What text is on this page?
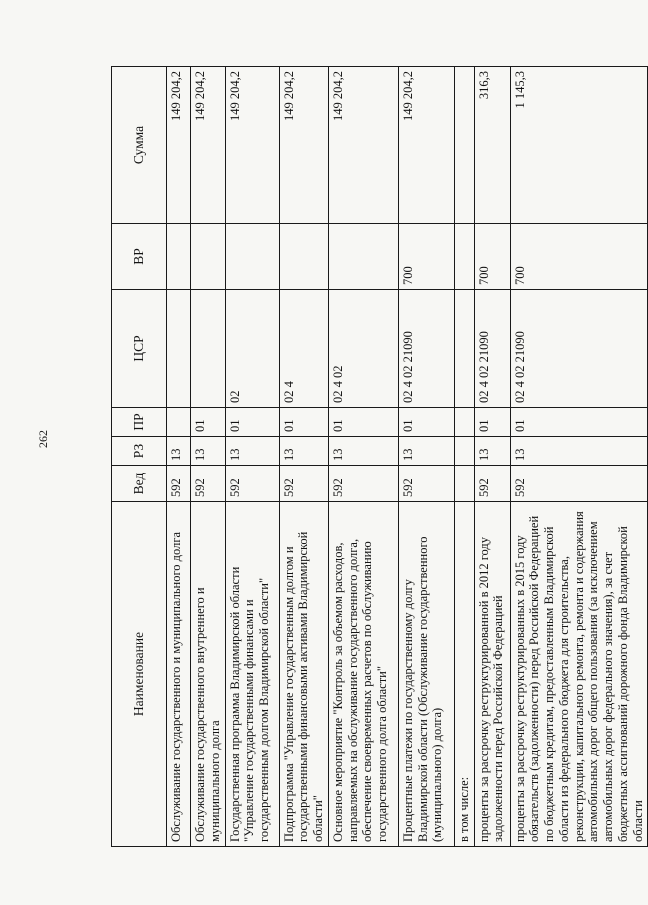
262
Наименование	Вед	РЗ	ПР	ЦСР	ВР	Сумма
Обслуживание государственного и муниципального долга	592	13				149 204,2
Обслуживание государственного внутреннего и муниципального долга	592	13	01			149 204,2
Государственная программа Владимирской области "Управление государственными финансами и государственным долгом Владимирской области"	592	13	01	02		149 204,2
Подпрограмма "Управление государственным долгом и государственными финансовыми активами Владимирской области"	592	13	01	02 4		149 204,2
Основное мероприятие "Контроль за объемом расходов, направляемых на обслуживание государственного долга, обеспечение своевременных расчетов по обслуживанию государственного долга области"	592	13	01	02 4 02		149 204,2
Процентные платежи по государственному долгу Владимирской области (Обслуживание государственного (муниципального) долга)	592	13	01	02 4 02 21090	700	149 204,2
в том числе:						
проценты за рассрочку реструктурированной в 2012 году задолженности перед Российской Федерацией	592	13	01	02 4 02 21090	700	316,3
проценты за рассрочку реструктурированных в 2015 году обязательств (задолженности) перед Российской Федерацией по бюджетным кредитам, предоставленным Владимирской области из федерального бюджета для строительства, реконструкции, капитального ремонта, ремонта и содержания автомобильных дорог общего пользования (за исключением автомобильных дорог федерального значения), за счет бюджетных ассигнований дорожного фонда Владимирской области	592	13	01	02 4 02 21090	700	1 145,3
